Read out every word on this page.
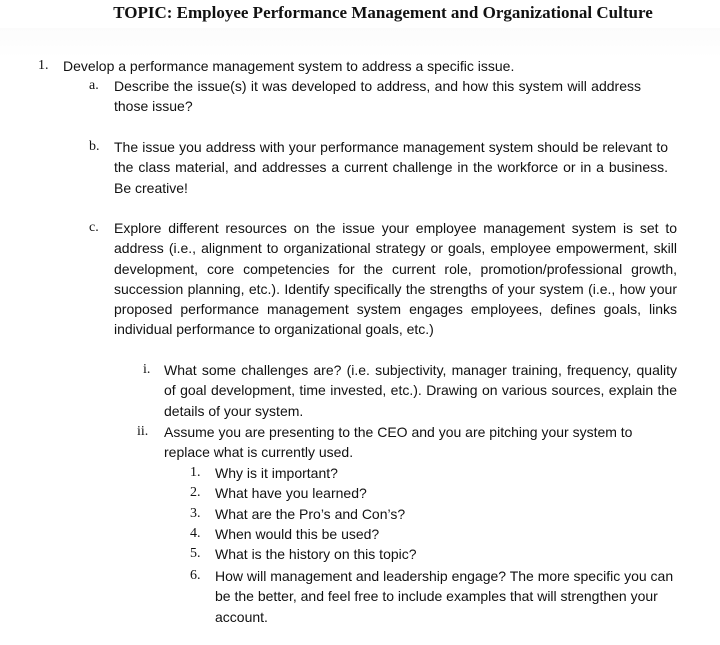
TOPIC: Employee Performance Management and Organizational Culture
1. Develop a performance management system to address a specific issue.
a. Describe the issue(s) it was developed to address, and how this system will address those issue?
b. The issue you address with your performance management system should be relevant to the class material, and addresses a current challenge in the workforce or in a business. Be creative!
c. Explore different resources on the issue your employee management system is set to address (i.e., alignment to organizational strategy or goals, employee empowerment, skill development, core competencies for the current role, promotion/professional growth, succession planning, etc.). Identify specifically the strengths of your system (i.e., how your proposed performance management system engages employees, defines goals, links individual performance to organizational goals, etc.)
i. What some challenges are? (i.e. subjectivity, manager training, frequency, quality of goal development, time invested, etc.). Drawing on various sources, explain the details of your system.
ii. Assume you are presenting to the CEO and you are pitching your system to replace what is currently used.
1. Why is it important?
2. What have you learned?
3. What are the Pro’s and Con’s?
4. When would this be used?
5. What is the history on this topic?
6. How will management and leadership engage? The more specific you can be the better, and feel free to include examples that will strengthen your account.
